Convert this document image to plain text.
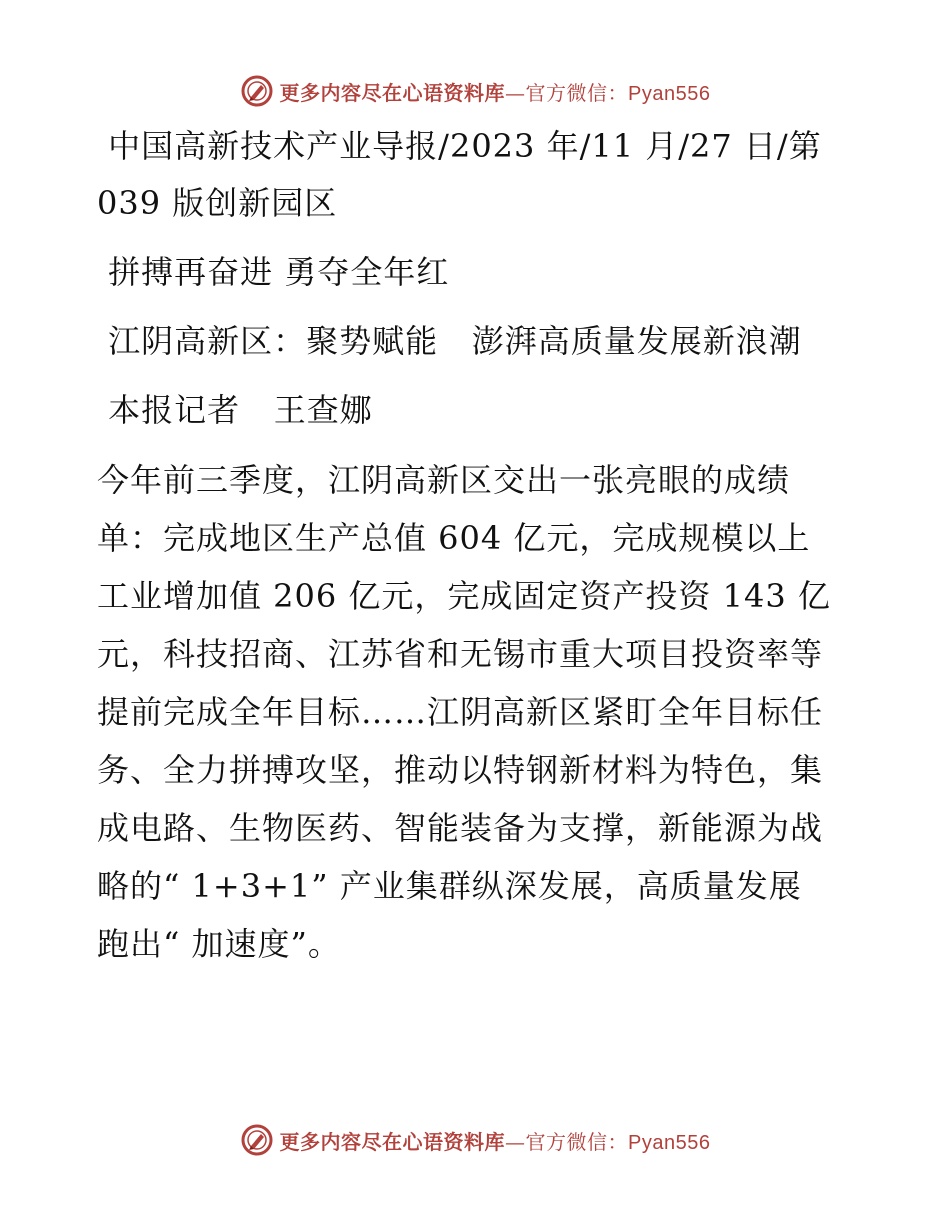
更多内容尽在心语资料库—官方微信：Pyan556

中国高新技术产业导报/2023 年/11 月/27 日/第

039 版创新园区

拼搏再奋进 勇夺全年红

江阴高新区：聚势赋能   澎湃高质量发展新浪潮

本报记者   王查娜

今年前三季度，江阴高新区交出一张亮眼的成绩

单：完成地区生产总值 604 亿元，完成规模以上

工业增加值 206 亿元，完成固定资产投资 143 亿

元，科技招商、江苏省和无锡市重大项目投资率等

提前完成全年目标……江阴高新区紧盯全年目标任

务、全力拼搏攻坚，推动以特钢新材料为特色，集

成电路、生物医药、智能装备为支撑，新能源为战

略的“ 1+3+1” 产业集群纵深发展，高质量发展

跑出“ 加速度”。

更多内容尽在心语资料库—官方微信：Pyan556
